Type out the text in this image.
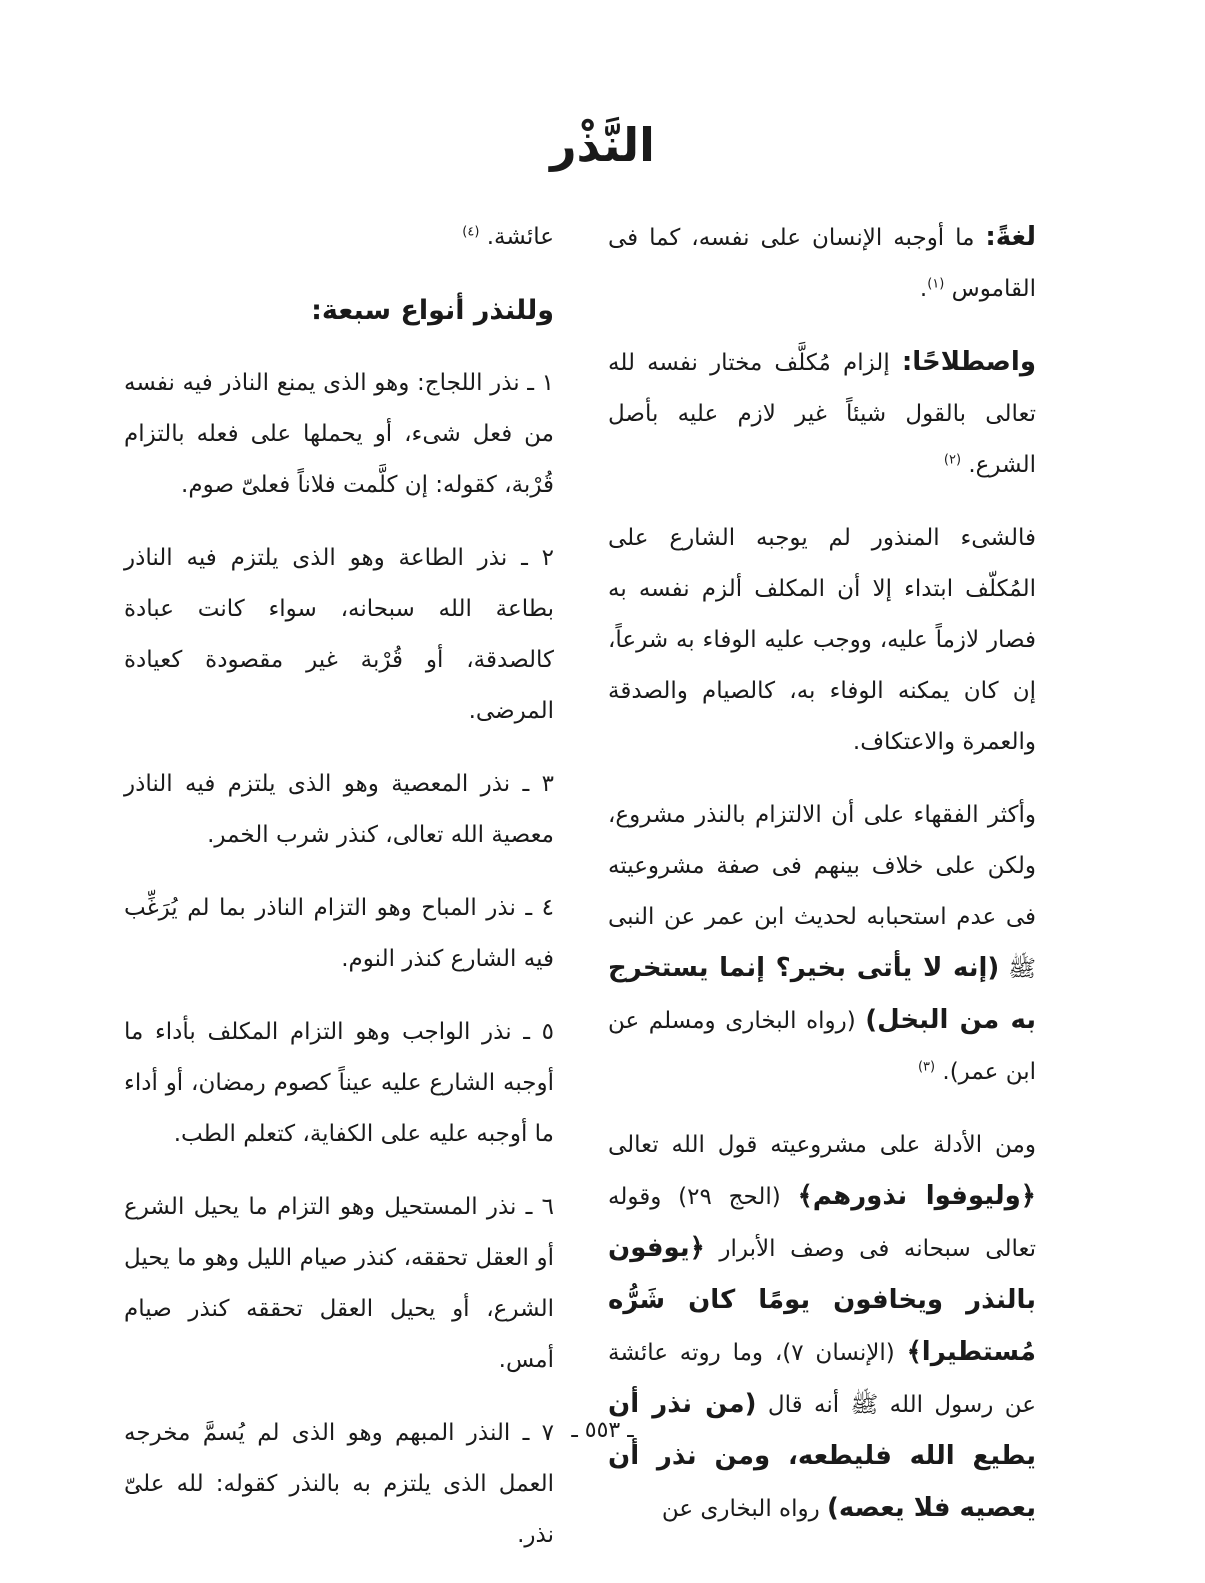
النَّذْر

لغةً: ما أوجبه الإنسان على نفسه، كما فى القاموس $^{(١)}$.

واصطلاحًا: إلزام مُكلَّف مختار نفسه لله تعالى بالقول شيئاً غير لازم عليه بأصل الشرع. $^{(٢)}$

فالشىء المنذور لم يوجبه الشارع على المُكلّف ابتداء إلا أن المكلف ألزم نفسه به فصار لازماً عليه، ووجب عليه الوفاء به شرعاً، إن كان يمكنه الوفاء به، كالصيام والصدقة والعمرة والاعتكاف.

وأكثر الفقهاء على أن الالتزام بالنذر مشروع، ولكن على خلاف بينهم فى صفة مشروعيته فى عدم استحبابه لحديث ابن عمر عن النبى ﷺ (إنه لا يأتى بخير؟ إنما يستخرج به من البخل) (رواه البخارى ومسلم عن ابن عمر). $^{(٣)}$

ومن الأدلة على مشروعيته قول الله تعالى ﴿وليوفوا نذورهم﴾ (الحج ٢٩) وقوله تعالى سبحانه فى وصف الأبرار ﴿يوفون بالنذر ويخافون يومًا كان شَرُّه مُستطيرا﴾ (الإنسان ٧)، وما روته عائشة عن رسول الله ﷺ أنه قال (من نذر أن يطيع الله فليطعه، ومن نذر أن يعصيه فلا يعصه) رواه البخارى عن

عائشة. $^{(٤)}$

وللنذر أنواع سبعة:

١ ـ نذر اللجاج: وهو الذى يمنع الناذر فيه نفسه من فعل شىء، أو يحملها على فعله بالتزام قُرْبة، كقوله: إن كلَّمت فلاناً فعلىّ صوم.

٢ ـ نذر الطاعة وهو الذى يلتزم فيه الناذر بطاعة الله سبحانه، سواء كانت عبادة كالصدقة، أو قُرْبة غير مقصودة كعيادة المرضى.

٣ ـ نذر المعصية وهو الذى يلتزم فيه الناذر معصية الله تعالى، كنذر شرب الخمر.

٤ ـ نذر المباح وهو التزام الناذر بما لم يُرَغِّب فيه الشارع كنذر النوم.

٥ ـ نذر الواجب وهو التزام المكلف بأداء ما أوجبه الشارع عليه عيناً كصوم رمضان، أو أداء ما أوجبه عليه على الكفاية، كتعلم الطب.

٦ ـ نذر المستحيل وهو التزام ما يحيل الشرع أو العقل تحققه، كنذر صيام الليل وهو ما يحيل الشرع، أو يحيل العقل تحققه كنذر صيام أمس.

٧ ـ النذر المبهم وهو الذى لم يُسمَّ مخرجه العمل الذى يلتزم به بالنذر كقوله: لله علىّ نذر.

ـ ٥٥٣ ـ
